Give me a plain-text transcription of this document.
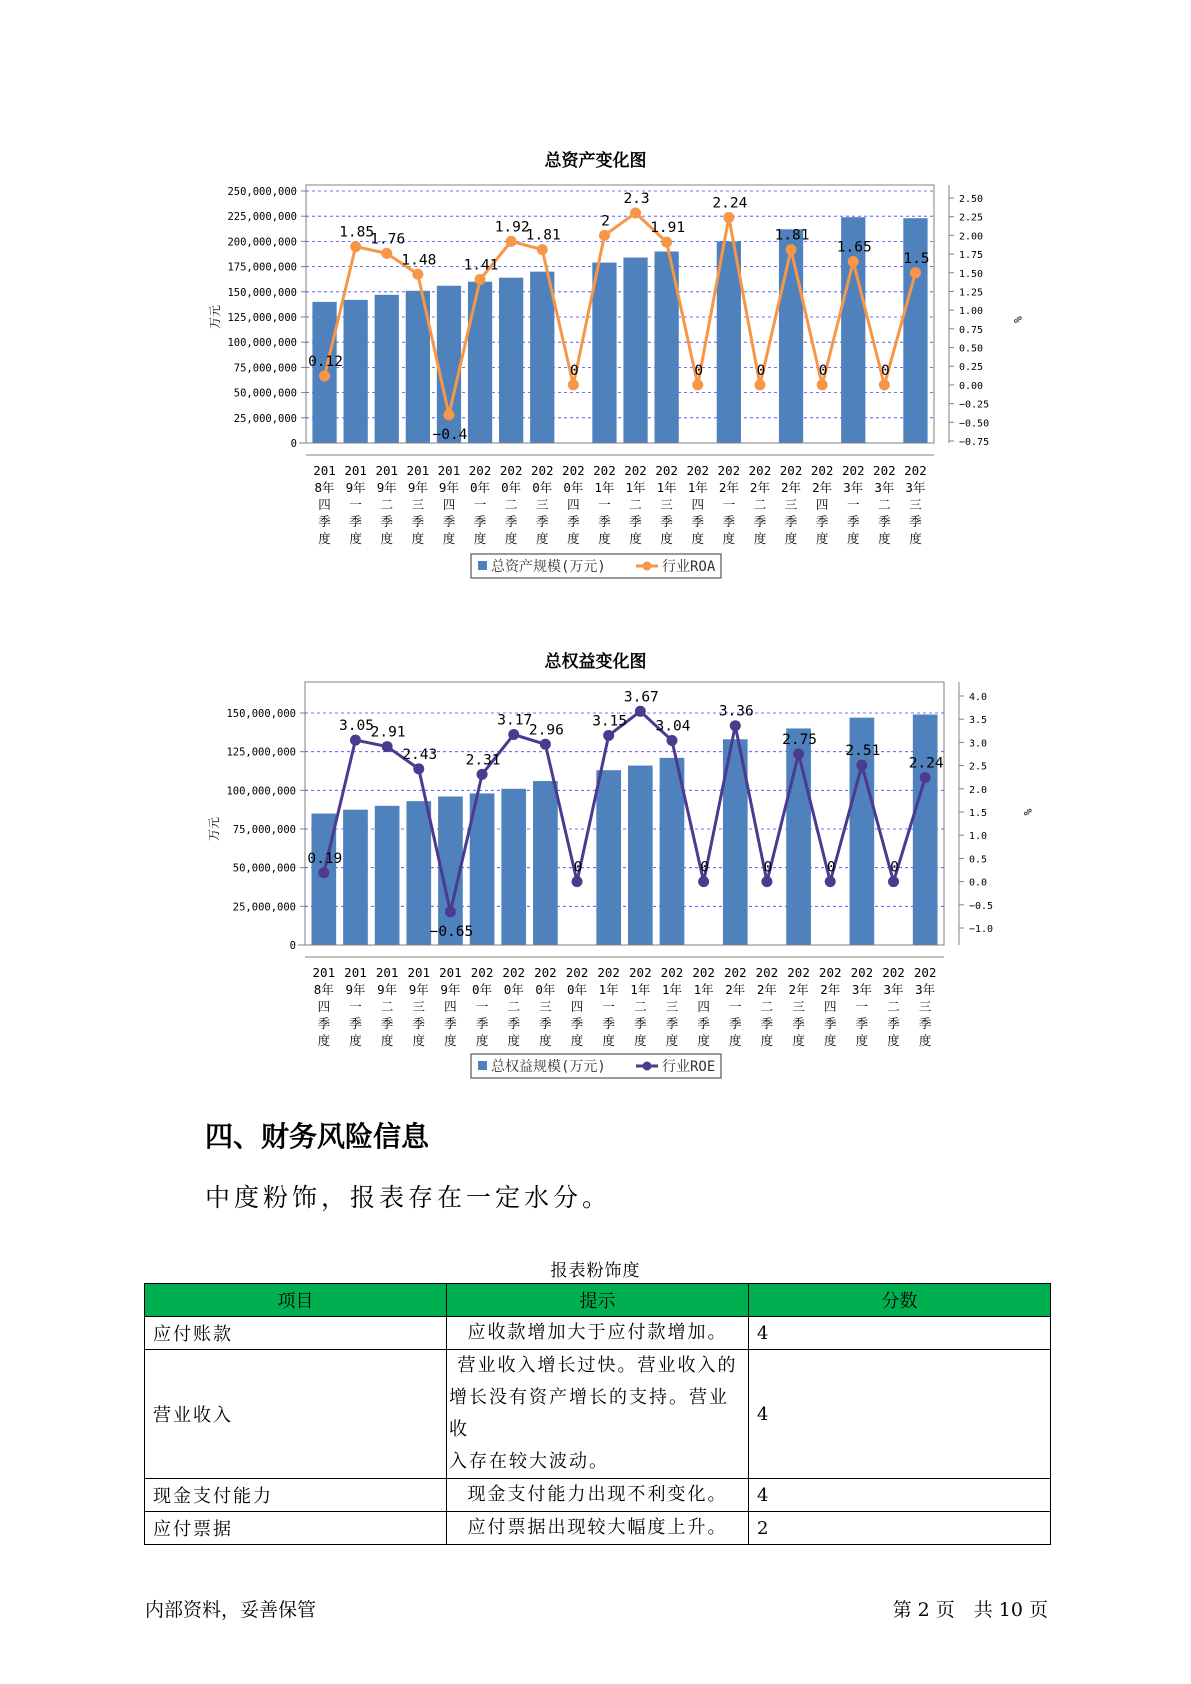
总资产变化图
0
25,000,000
50,000,000
75,000,000
100,000,000
125,000,000
150,000,000
175,000,000
200,000,000
225,000,000
250,000,000
万元
−0.75
−0.50
−0.25
0.00
0.25
0.50
0.75
1.00
1.25
1.50
1.75
2.00
2.25
2.50
%
0.12
1.85
1.76
1.48
−0.4
1.41
1.92
1.81
0
2
2.3
1.91
0
2.24
0
1.81
0
1.65
0
1.5
201
8年
四
季
度
201
9年
一
季
度
201
9年
二
季
度
201
9年
三
季
度
201
9年
四
季
度
202
0年
一
季
度
202
0年
二
季
度
202
0年
三
季
度
202
0年
四
季
度
202
1年
一
季
度
202
1年
二
季
度
202
1年
三
季
度
202
1年
四
季
度
202
2年
一
季
度
202
2年
二
季
度
202
2年
三
季
度
202
2年
四
季
度
202
3年
一
季
度
202
3年
二
季
度
202
3年
三
季
度
总资产规模(万元)	行业ROA
总权益变化图
0
25,000,000
50,000,000
75,000,000
100,000,000
125,000,000
150,000,000
万元
−1.0
−0.5
0.0
0.5
1.0
1.5
2.0
2.5
3.0
3.5
4.0
%
0.19
3.05
2.91
2.43
−0.65
2.31
3.17
2.96
0
3.15
3.67
3.04
0
3.36
0
2.75
0
2.51
0
2.24
201
8年
四
季
度
201
9年
一
季
度
201
9年
二
季
度
201
9年
三
季
度
201
9年
四
季
度
202
0年
一
季
度
202
0年
二
季
度
202
0年
三
季
度
202
0年
四
季
度
202
1年
一
季
度
202
1年
二
季
度
202
1年
三
季
度
202
1年
四
季
度
202
2年
一
季
度
202
2年
二
季
度
202
2年
三
季
度
202
2年
四
季
度
202
3年
一
季
度
202
3年
二
季
度
202
3年
三
季
度
总权益规模(万元)	行业ROE
四、财务风险信息

中度粉饰，报表存在一定水分。

报表粉饰度
项目	提示	分数
应付账款	应收款增加大于应付款增加。	4
营业收入	营业收入增长过快。营业收入的
增长没有资产增长的支持。营业收
入存在较大波动。	4
现金支付能力	现金支付能力出现不利变化。	4
应付票据	应付票据出现较大幅度上升。	2
内部资料，妥善保管	第 2 页　共 10 页
